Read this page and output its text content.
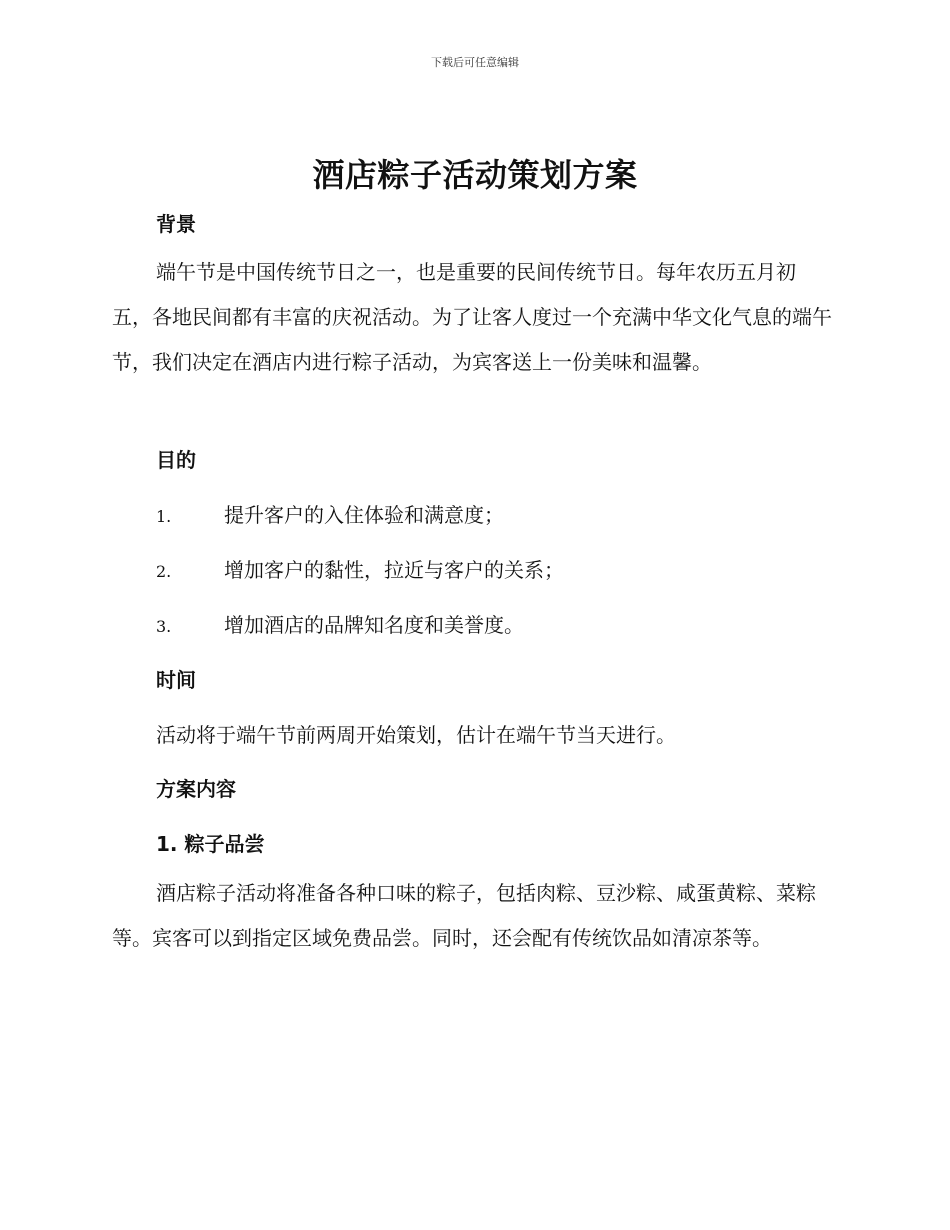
下载后可任意编辑
酒店粽子活动策划方案
背景

端午节是中国传统节日之一，也是重要的民间传统节日。每年农历五月初五，各地民间都有丰富的庆祝活动。为了让客人度过一个充满中华文化气息的端午节，我们决定在酒店内进行粽子活动，为宾客送上一份美味和温馨。

目的
1.	提升客户的入住体验和满意度；
2.	增加客户的黏性，拉近与客户的关系；
3.	增加酒店的品牌知名度和美誉度。
时间

活动将于端午节前两周开始策划，估计在端午节当天进行。

方案内容
1. 粽子品尝

酒店粽子活动将准备各种口味的粽子，包括肉粽、豆沙粽、咸蛋黄粽、菜粽等。宾客可以到指定区域免费品尝。同时，还会配有传统饮品如清凉茶等。
